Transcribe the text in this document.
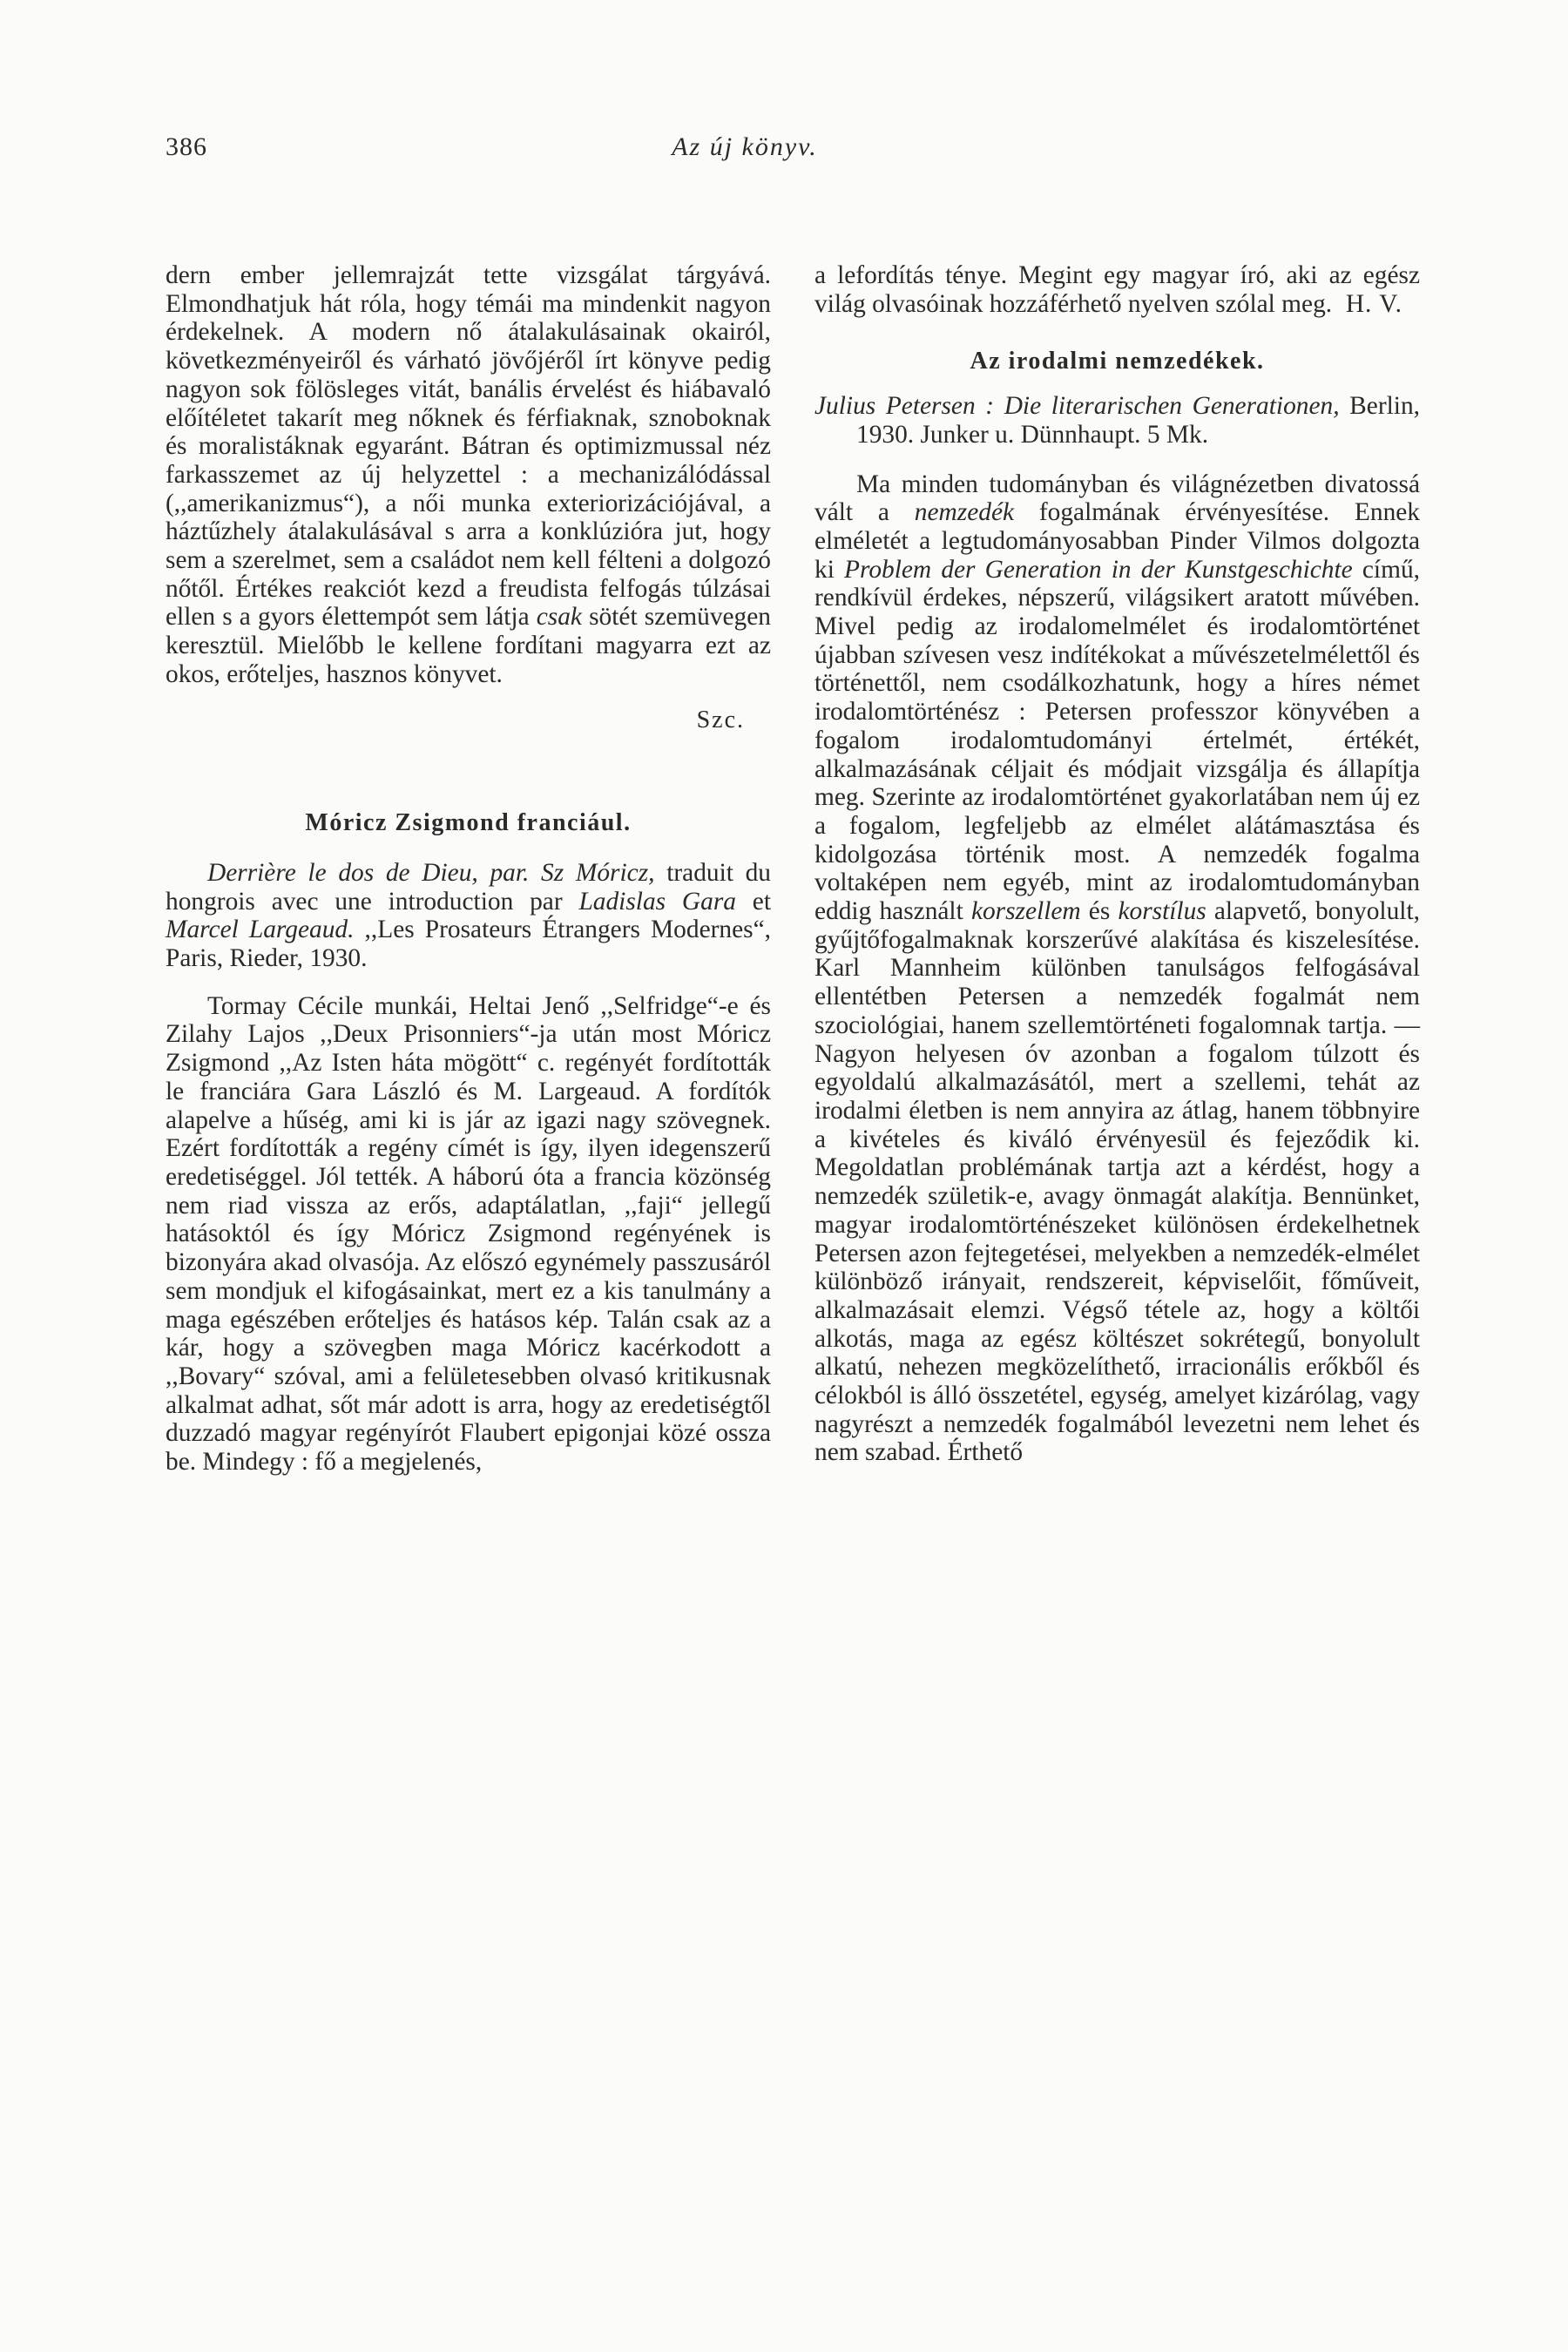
386	Az új könyv.

dern ember jellemrajzát tette vizsgálat tárgyává. Elmondhatjuk hát róla, hogy témái ma mindenkit nagyon érdekelnek. A modern nő átalakulásainak okairól, következményeiről és várható jövőjéről írt könyve pedig nagyon sok fölösleges vitát, banális érvelést és hiábavaló előítéletet takarít meg nőknek és férfiaknak, sznoboknak és moralistáknak egyaránt. Bátran és optimizmussal néz farkasszemet az új helyzettel : a mechanizálódással (,,amerikanizmus“), a női munka exteriorizációjával, a háztűzhely átalakulásával s arra a konklúzióra jut, hogy sem a szerelmet, sem a családot nem kell félteni a dolgozó nőtől. Értékes reakciót kezd a freudista felfogás túlzásai ellen s a gyors élettempót sem látja csak sötét szemüvegen keresztül. Mielőbb le kellene fordítani magyarra ezt az okos, erőteljes, hasznos könyvet.

Szc.

Móricz Zsigmond franciául.

Derrière le dos de Dieu, par. Sz Móricz, traduit du hongrois avec une introduction par Ladislas Gara et Marcel Largeaud. ,,Les Prosateurs Étrangers Modernes“, Paris, Rieder, 1930.

Tormay Cécile munkái, Heltai Jenő ,,Selfridge“-e és Zilahy Lajos ,,Deux Prisonniers“-ja után most Móricz Zsigmond ,,Az Isten háta mögött“ c. regényét fordították le franciára Gara László és M. Largeaud. A fordítók alapelve a hűség, ami ki is jár az igazi nagy szövegnek. Ezért fordították a regény címét is így, ilyen idegenszerű eredetiséggel. Jól tették. A háború óta a francia közönség nem riad vissza az erős, adaptálatlan, ,,faji“ jellegű hatásoktól és így Móricz Zsigmond regényének is bizonyára akad olvasója. Az előszó egynémely passzusáról sem mondjuk el kifogásainkat, mert ez a kis tanulmány a maga egészében erőteljes és hatásos kép. Talán csak az a kár, hogy a szövegben maga Móricz kacérkodott a ,,Bovary“ szóval, ami a felületesebben olvasó kritikusnak alkalmat adhat, sőt már adott is arra, hogy az eredetiségtől duzzadó magyar regényírót Flaubert epigonjai közé ossza be. Mindegy : fő a megjelenés,

a lefordítás ténye. Megint egy magyar író, aki az egész világ olvasóinak hozzáférhető nyelven szólal meg. H. V.

Az irodalmi nemzedékek.

Julius Petersen : Die literarischen Generationen, Berlin, 1930. Junker u. Dünnhaupt. 5 Mk.

Ma minden tudományban és világnézetben divatossá vált a nemzedék fogalmának érvényesítése. Ennek elméletét a legtudományosabban Pinder Vilmos dolgozta ki Problem der Generation in der Kunstgeschichte című, rendkívül érdekes, népszerű, világsikert aratott művében. Mivel pedig az irodalomelmélet és irodalomtörténet újabban szívesen vesz indítékokat a művészetelmélettől és történettől, nem csodálkozhatunk, hogy a híres német irodalomtörténész : Petersen professzor könyvében a fogalom irodalomtudományi értelmét, értékét, alkalmazásának céljait és módjait vizsgálja és állapítja meg. Szerinte az irodalomtörténet gyakorlatában nem új ez a fogalom, legfeljebb az elmélet alátámasztása és kidolgozása történik most. A nemzedék fogalma voltaképen nem egyéb, mint az irodalomtudományban eddig használt korszellem és korstílus alapvető, bonyolult, gyűjtőfogalmaknak korszerűvé alakítása és kiszelesítése. Karl Mannheim különben tanulságos felfogásával ellentétben Petersen a nemzedék fogalmát nem szociológiai, hanem szellemtörténeti fogalomnak tartja. — Nagyon helyesen óv azonban a fogalom túlzott és egyoldalú alkalmazásától, mert a szellemi, tehát az irodalmi életben is nem annyira az átlag, hanem többnyire a kivételes és kiváló érvényesül és fejeződik ki. Megoldatlan problémának tartja azt a kérdést, hogy a nemzedék születik-e, avagy önmagát alakítja. Bennünket, magyar irodalomtörténészeket különösen érdekelhetnek Petersen azon fejtegetései, melyekben a nemzedék-elmélet különböző irányait, rendszereit, képviselőit, főműveit, alkalmazásait elemzi. Végső tétele az, hogy a költői alkotás, maga az egész költészet sokrétegű, bonyolult alkatú, nehezen megközelíthető, irracionális erőkből és célokból is álló összetétel, egység, amelyet kizárólag, vagy nagyrészt a nemzedék fogalmából levezetni nem lehet és nem szabad. Érthető
